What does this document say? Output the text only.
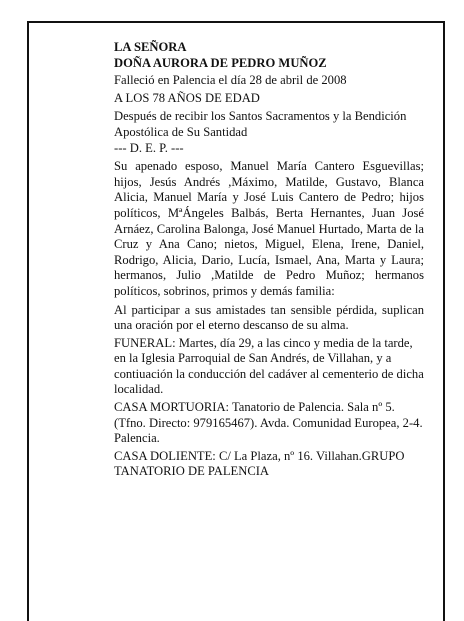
LA SEÑORA

DOÑA AURORA DE PEDRO MUÑOZ

Falleció en Palencia el día 28 de abril de 2008

A LOS 78 AÑOS DE EDAD

Después de recibir los Santos Sacramentos y la Bendición Apostólica de Su Santidad

--- D. E. P. ---

Su apenado esposo, Manuel María Cantero Esguevillas; hijos, Jesús Andrés ,Máximo, Matilde, Gustavo, Blanca Alicia, Manuel María y José Luis Cantero de Pedro; hijos políticos, MªÁngeles Balbás, Berta Hernantes, Juan José Arnáez, Carolina Balonga, José Manuel Hurtado, Marta de la Cruz y Ana Cano; nietos, Miguel, Elena, Irene, Daniel, Rodrigo, Alicia, Dario, Lucía, Ismael, Ana, Marta y Laura; hermanos, Julio ,Matilde de Pedro Muñoz; hermanos políticos, sobrinos, primos y demás familia:

Al participar a sus amistades tan sensible pérdida, suplican una oración por el eterno descanso de su alma.

FUNERAL: Martes, día 29, a las cinco y media de la tarde, en la Iglesia Parroquial de San Andrés, de Villahan, y a contiuación la conducción del cadáver al cementerio de dicha localidad.

CASA MORTUORIA: Tanatorio de Palencia. Sala nº 5. (Tfno. Directo: 979165467). Avda. Comunidad Europea, 2-4. Palencia.

CASA DOLIENTE: C/ La Plaza, nº 16. Villahan.GRUPO TANATORIO DE PALENCIA
